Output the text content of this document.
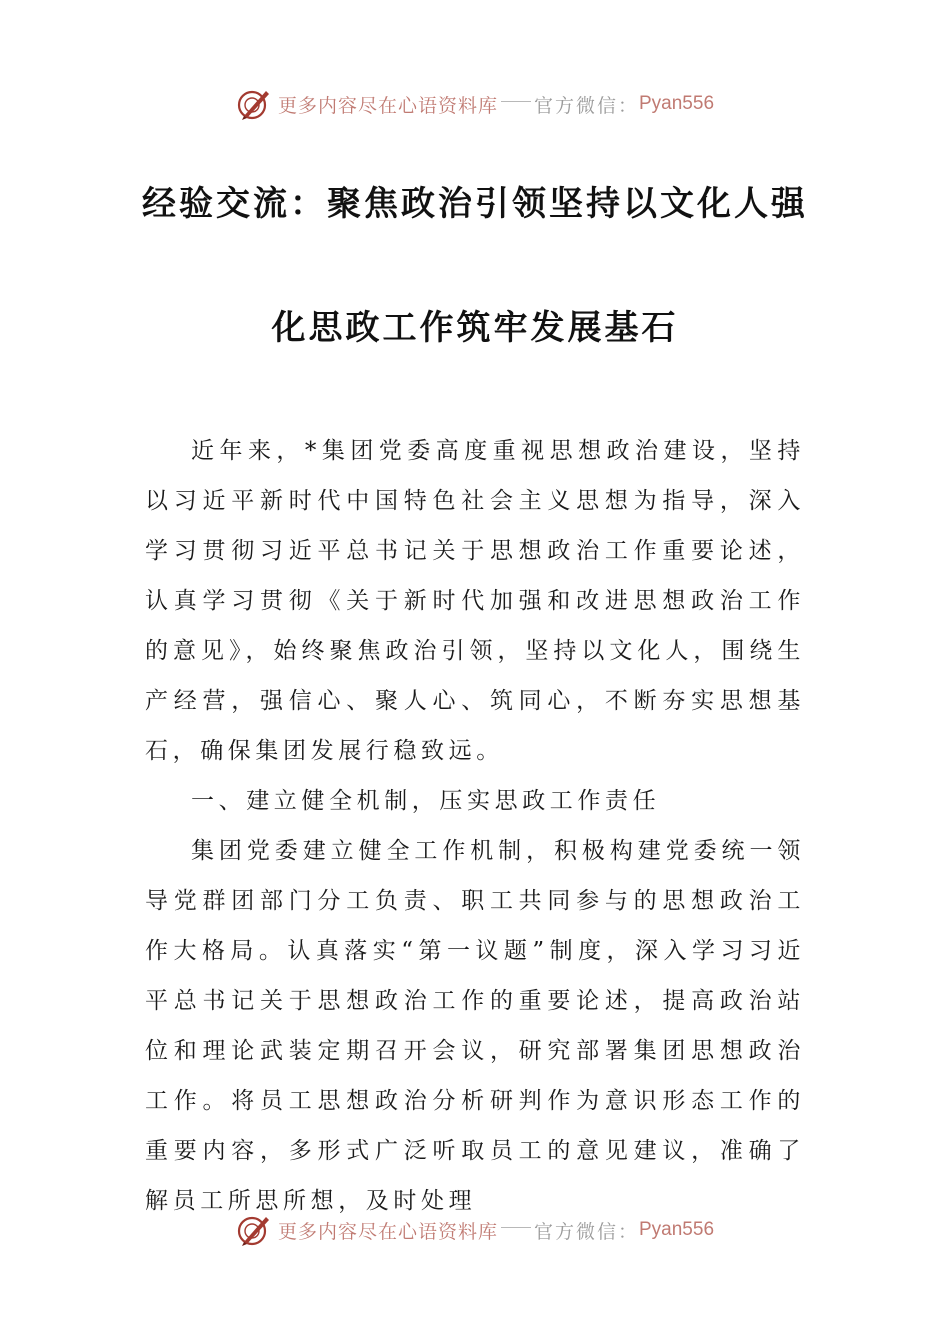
更多内容尽在心语资料库 官方微信： Pyan556
经验交流：聚焦政治引领坚持以文化人强
化思政工作筑牢发展基石

近年来，*集团党委高度重视思想政治建设，坚持以习近平新时代中国特色社会主义思想为指导，深入学习贯彻习近平总书记关于思想政治工作重要论述，认真学习贯彻《关于新时代加强和改进思想政治工作的意见》，始终聚焦政治引领，坚持以文化人，围绕生产经营，强信心、聚人心、筑同心，不断夯实思想基石，确保集团发展行稳致远。

一、建立健全机制，压实思政工作责任

集团党委建立健全工作机制，积极构建党委统一领导党群团部门分工负责、职工共同参与的思想政治工作大格局。认真落实“第一议题”制度，深入学习习近平总书记关于思想政治工作的重要论述，提高政治站位和理论武装定期召开会议，研究部署集团思想政治工作。将员工思想政治分析研判作为意识形态工作的重要内容，多形式广泛听取员工的意见建议，准确了解员工所思所想，及时处理

更多内容尽在心语资料库 官方微信： Pyan556
